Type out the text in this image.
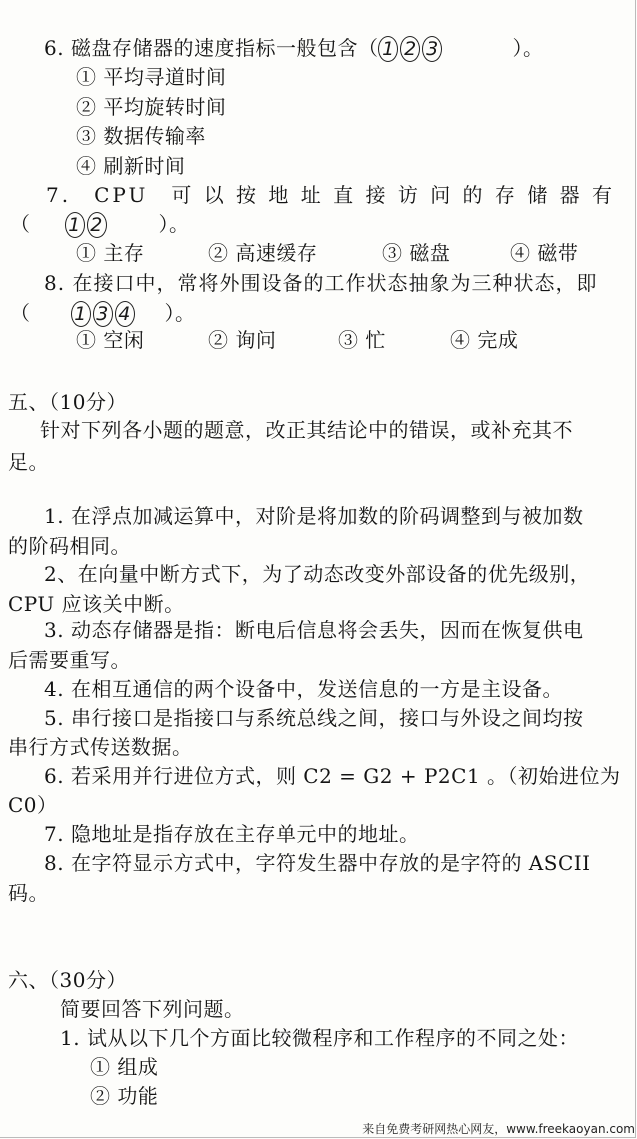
6. 磁盘存储器的速度指标一般包含（ 1 2 3	）。
① 平均寻道时间
② 平均旋转时间
③ 数据传输率
④ 刷新时间
7.　CPU　可 以 按 地 址 直 接 访 问 的 存 储 器 有
（ 1 2	）。
① 主存	② 高速缓存	③ 磁盘	④ 磁带
8. 在接口中，常将外围设备的工作状态抽象为三种状态，即
（ 1 3 4 ）。
① 空闲	② 询问	③ 忙	④ 完成
五、（10分）
针对下列各小题的题意，改正其结论中的错误，或补充其不
足。
1. 在浮点加减运算中，对阶是将加数的阶码调整到与被加数
的阶码相同。
2、在向量中断方式下，为了动态改变外部设备的优先级别，
CPU 应该关中断。
3. 动态存储器是指：断电后信息将会丢失，因而在恢复供电
后需要重写。
4. 在相互通信的两个设备中，发送信息的一方是主设备。
5. 串行接口是指接口与系统总线之间，接口与外设之间均按
串行方式传送数据。
6. 若采用并行进位方式，则 C2 = G2 + P2C1 。（初始进位为
C0）
7. 隐地址是指存放在主存单元中的地址。
8. 在字符显示方式中，字符发生器中存放的是字符的 ASCII
码。
六、（30分）
简要回答下列问题。
1. 试从以下几个方面比较微程序和工作程序的不同之处：
① 组成
② 功能
来自免费考研网热心网友，www.freekaoyan.com
